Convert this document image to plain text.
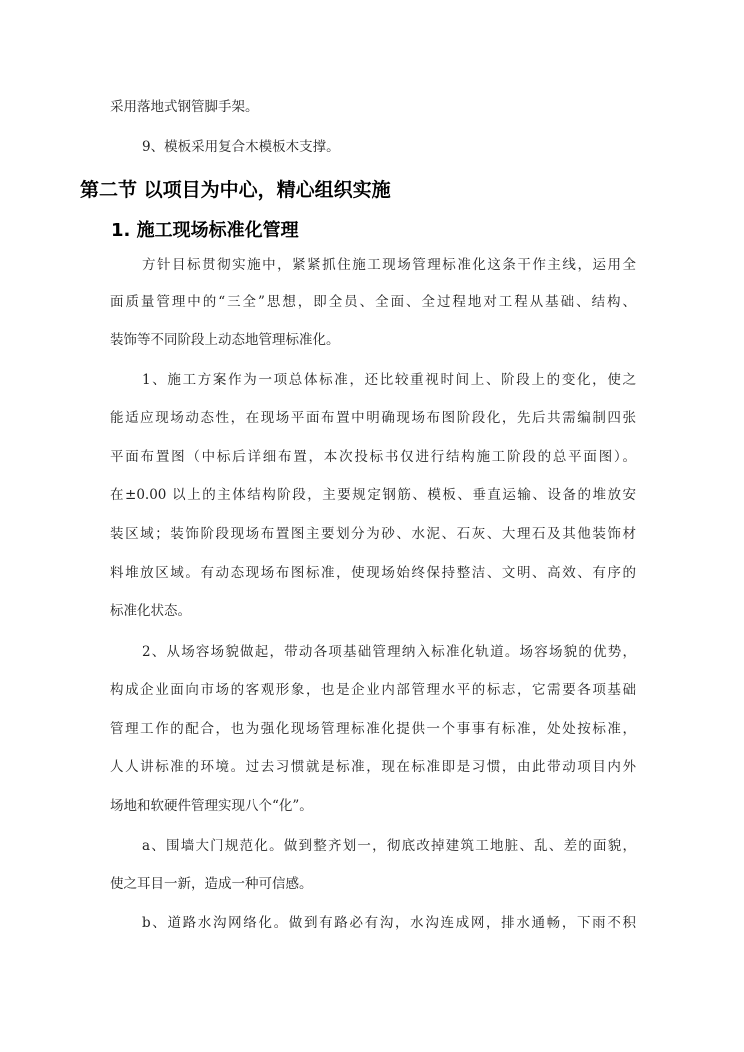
第二节 以项目为中心，精心组织实施
1. 施工现场标准化管理
采用落地式钢管脚手架。
9、模板采用复合木模板木支撑。
方针目标贯彻实施中，紧紧抓住施工现场管理标准化这条干作主线，运用全
面质量管理中的“三全”思想，即全员、全面、全过程地对工程从基础、结构、
装饰等不同阶段上动态地管理标准化。
1、施工方案作为一项总体标准，还比较重视时间上、阶段上的变化，使之
能适应现场动态性，在现场平面布置中明确现场布图阶段化，先后共需编制四张
平面布置图（中标后详细布置，本次投标书仅进行结构施工阶段的总平面图）。
在±0.00 以上的主体结构阶段，主要规定钢筋、模板、垂直运输、设备的堆放安
装区域；装饰阶段现场布置图主要划分为砂、水泥、石灰、大理石及其他装饰材
料堆放区域。有动态现场布图标准，使现场始终保持整洁、文明、高效、有序的
标准化状态。
2、从场容场貌做起，带动各项基础管理纳入标准化轨道。场容场貌的优势，
构成企业面向市场的客观形象，也是企业内部管理水平的标志，它需要各项基础
管理工作的配合，也为强化现场管理标准化提供一个事事有标准，处处按标准，
人人讲标准的环境。过去习惯就是标准，现在标准即是习惯，由此带动项目内外
场地和软硬件管理实现八个“化”。
a、围墙大门规范化。做到整齐划一，彻底改掉建筑工地脏、乱、差的面貌，
使之耳目一新，造成一种可信感。
b、道路水沟网络化。做到有路必有沟，水沟连成网，排水通畅，下雨不积
